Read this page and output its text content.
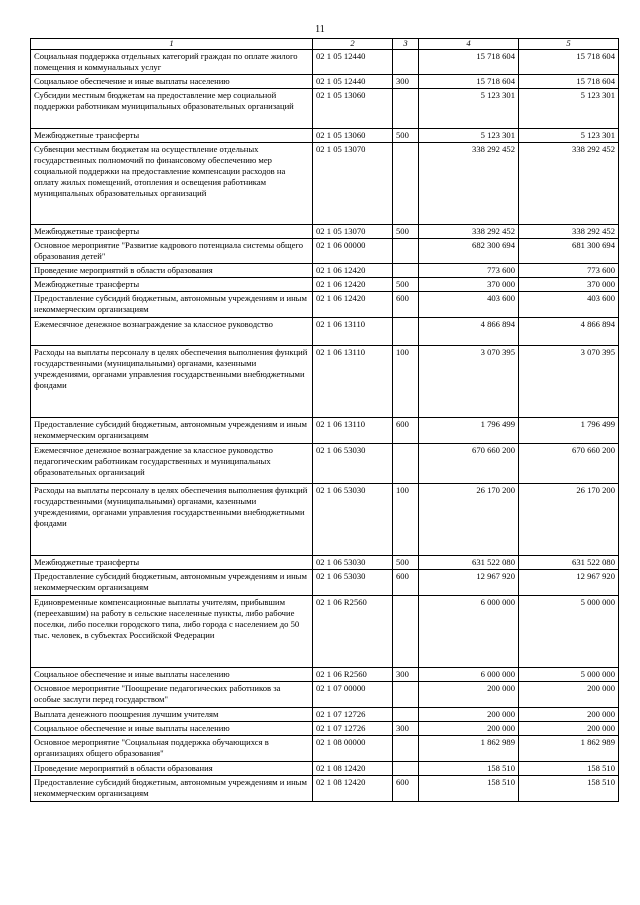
11
1	2	3	4	5
Социальная поддержка отдельных категорий граждан по оплате жилого помещения и коммунальных услуг	02 1 05 12440		15 718 604	15 718 604
Социальное обеспечение и иные выплаты населению	02 1 05 12440	300	15 718 604	15 718 604
Субсидии местным бюджетам на предоставление мер социальной поддержки работникам муниципальных образовательных организаций	02 1 05 13060		5 123 301	5 123 301
Межбюджетные трансферты	02 1 05 13060	500	5 123 301	5 123 301
Субвенции местным бюджетам на осуществление отдельных государственных полномочий по финансовому обеспечению мер социальной поддержки на предоставление компенсации расходов на оплату жилых помещений, отопления и освещения работникам муниципальных образовательных организаций	02 1 05 13070		338 292 452	338 292 452
Межбюджетные трансферты	02 1 05 13070	500	338 292 452	338 292 452
Основное мероприятие "Развитие кадрового потенциала системы общего образования детей"	02 1 06 00000		682 300 694	681 300 694
Проведение мероприятий в области образования	02 1 06 12420		773 600	773 600
Межбюджетные трансферты	02 1 06 12420	500	370 000	370 000
Предоставление субсидий бюджетным, автономным учреждениям и иным некоммерческим организациям	02 1 06 12420	600	403 600	403 600
Ежемесячное денежное вознаграждение за классное руководство	02 1 06 13110		4 866 894	4 866 894
Расходы на выплаты персоналу в целях обеспечения выполнения функций государственными (муниципальными) органами, казенными учреждениями, органами управления государственными внебюджетными фондами	02 1 06 13110	100	3 070 395	3 070 395
Предоставление субсидий бюджетным, автономным учреждениям и иным некоммерческим организациям	02 1 06 13110	600	1 796 499	1 796 499
Ежемесячное денежное вознаграждение за классное руководство педагогическим работникам государственных и муниципальных образовательных организаций	02 1 06 53030		670 660 200	670 660 200
Расходы на выплаты персоналу в целях обеспечения выполнения функций государственными (муниципальными) органами, казенными учреждениями, органами управления государственными внебюджетными фондами	02 1 06 53030	100	26 170 200	26 170 200
Межбюджетные трансферты	02 1 06 53030	500	631 522 080	631 522 080
Предоставление субсидий бюджетным, автономным учреждениям и иным некоммерческим организациям	02 1 06 53030	600	12 967 920	12 967 920
Единовременные компенсационные выплаты учителям, прибывшим (переехавшим) на работу в сельские населенные пункты, либо рабочие поселки, либо поселки городского типа, либо города с населением до 50 тыс. человек, в субъектах Российской Федерации	02 1 06 R2560		6 000 000	5 000 000
Социальное обеспечение и иные выплаты населению	02 1 06 R2560	300	6 000 000	5 000 000
Основное мероприятие "Поощрение педагогических работников за особые заслуги перед государством"	02 1 07 00000		200 000	200 000
Выплата денежного поощрения лучшим учителям	02 1 07 12726		200 000	200 000
Социальное обеспечение и иные выплаты населению	02 1 07 12726	300	200 000	200 000
Основное мероприятие "Социальная поддержка обучающихся в организациях общего образования"	02 1 08 00000		1 862 989	1 862 989
Проведение мероприятий в области образования	02 1 08 12420		158 510	158 510
Предоставление субсидий бюджетным, автономным учреждениям и иным некоммерческим организациям	02 1 08 12420	600	158 510	158 510
